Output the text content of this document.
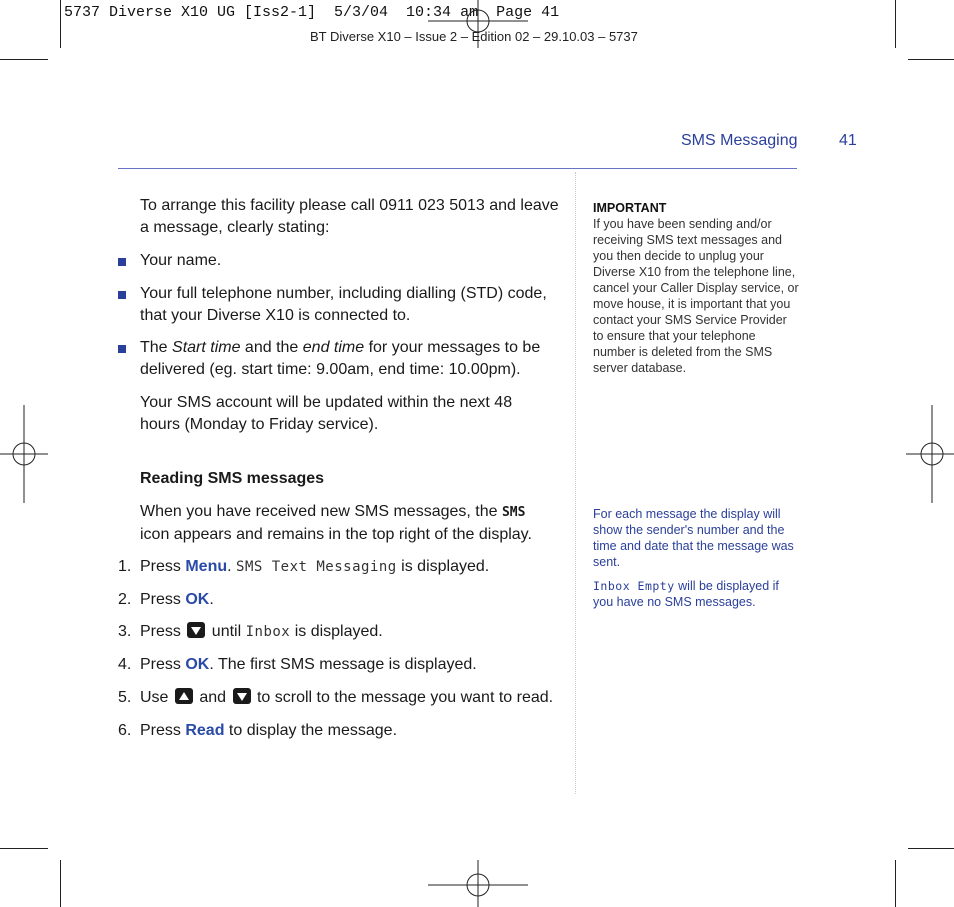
5737 Diverse X10 UG [Iss2-1]  5/3/04  10:34 am  Page 41
BT Diverse X10 – Issue 2 – Edition 02 – 29.10.03 – 5737
SMS Messaging	41

To arrange this facility please call 0911 023 5013 and leave a message, clearly stating:

Your name.

Your full telephone number, including dialling (STD) code, that your Diverse X10 is connected to.

The Start time and the end time for your messages to be delivered (eg. start time: 9.00am, end time: 10.00pm).

Your SMS account will be updated within the next 48 hours (Monday to Friday service).

Reading SMS messages

When you have received new SMS messages, the SMS icon appears and remains in the top right of the display.

1. Press Menu. SMS Text Messaging is displayed.
2. Press OK.
3. Press
until Inbox is displayed.
4. Press OK. The first SMS message is displayed.
5. Use
and
to scroll to the message you want to read.
6. Press Read to display the message.

IMPORTANT

If you have been sending and/or receiving SMS text messages and you then decide to unplug your Diverse X10 from the telephone line, cancel your Caller Display service, or move house, it is important that you contact your SMS Service Provider to ensure that your telephone number is deleted from the SMS server database.

For each message the display will show the sender's number and the time and date that the message was sent.

Inbox Empty will be displayed if you have no SMS messages.
